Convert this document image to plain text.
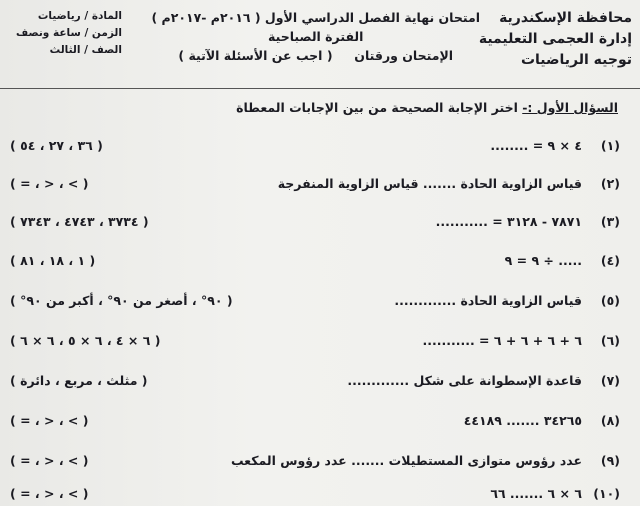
محافظة الإسكندرية
إدارة العجمى التعليمية
توجيه الرياضيات
امتحان نهاية الفصل الدراسي الأول ( ٢٠١٦م -٢٠١٧م )
الفترة الصباحية
الإمتحان ورقتان     ( اجب عن الأسئلة الآتية )
المادة / رياضيات
الزمن / ساعة ونصف
الصف / الثالث
السؤال الأول :- اختر الإجابة الصحيحة من بين الإجابات المعطاة
(١)
٤ × ٩ = ........
( ٣٦ ، ٢٧ ، ٥٤ )
(٢)
قياس الزاوية الحادة ....... قياس الزاوية المنفرجة
( > ، < ، = )
(٣)
٧٨٧١ - ٣١٢٨ = ...........
( ٣٧٣٤ ، ٤٧٤٣ ، ٧٣٤٣ )
(٤)
..... ÷ ٩ = ٩
( ١ ، ١٨ ، ٨١ )
(٥)
قياس الزاوية الحادة .............
( ٩٠° ، أصغر من ٩٠° ، أكبر من ٩٠° )
(٦)
٦ + ٦ + ٦ + ٦ = ...........
( ٦ × ٤ ، ٦ × ٥ ، ٦ × ٦ )
(٧)
قاعدة الإسطوانة على شكل .............
( مثلث ، مربع ، دائرة )
(٨)
٣٤٢٦٥ ....... ٤٤١٨٩
( > ، < ، = )
(٩)
عدد رؤوس متوازى المستطيلات ....... عدد رؤوس المكعب
( > ، < ، = )
(١٠)
٦ × ٦ ....... ٦٦
( > ، < ، = )
